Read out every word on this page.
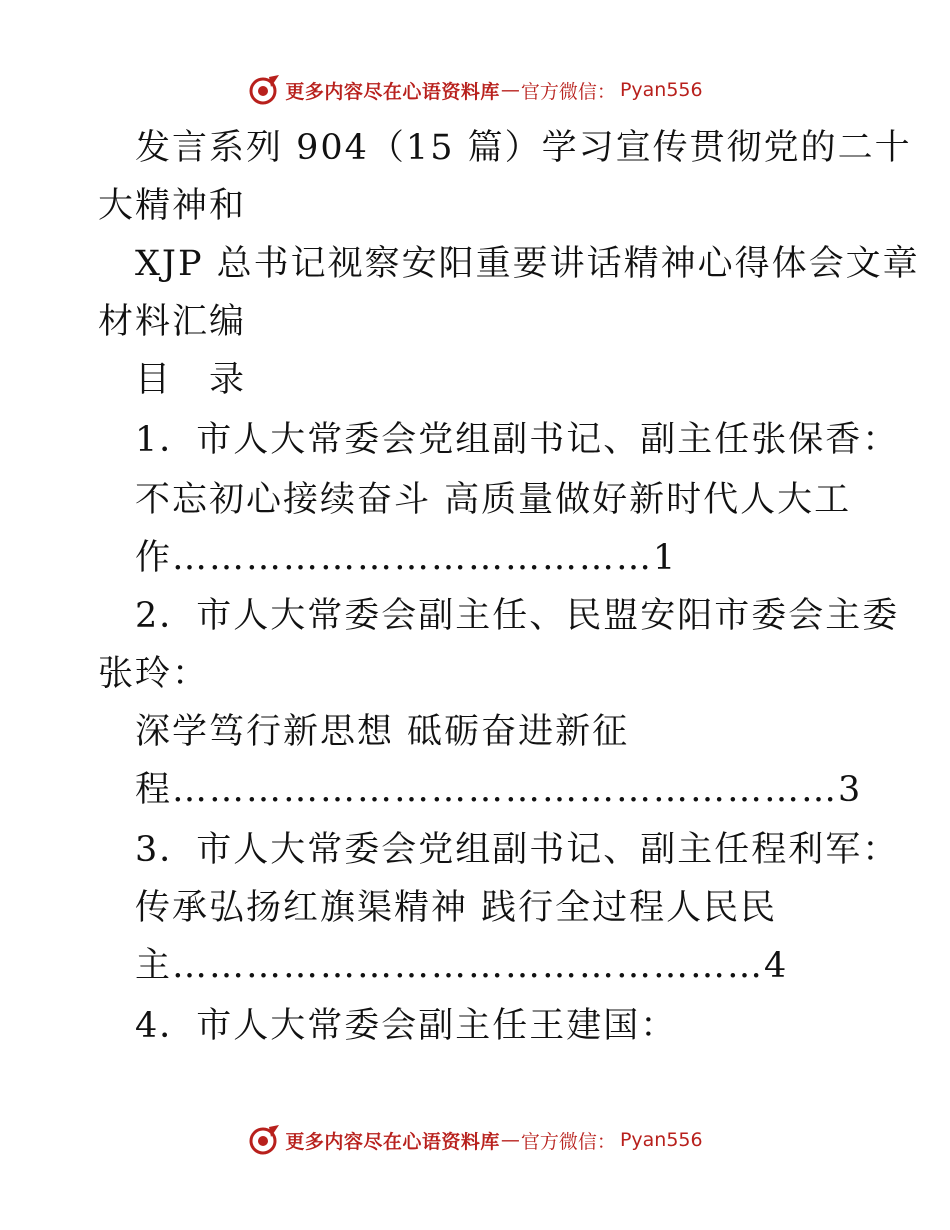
更多内容尽在心语资料库 — 官方微信： Pyan556
发言系列 904（15 篇）学习宣传贯彻党的二十
大精神和
XJP 总书记视察安阳重要讲话精神心得体会文章
材料汇编
目　录
1．市人大常委会党组副书记、副主任张保香：
不忘初心接续奋斗 高质量做好新时代人大工
作…………………………………1
2．市人大常委会副主任、民盟安阳市委会主委
张玲：
深学笃行新思想 砥砺奋进新征
程………………………………………………3
3．市人大常委会党组副书记、副主任程利军：
传承弘扬红旗渠精神 践行全过程人民民
主…………………………………………4
4．市人大常委会副主任王建国：
更多内容尽在心语资料库 — 官方微信： Pyan556
